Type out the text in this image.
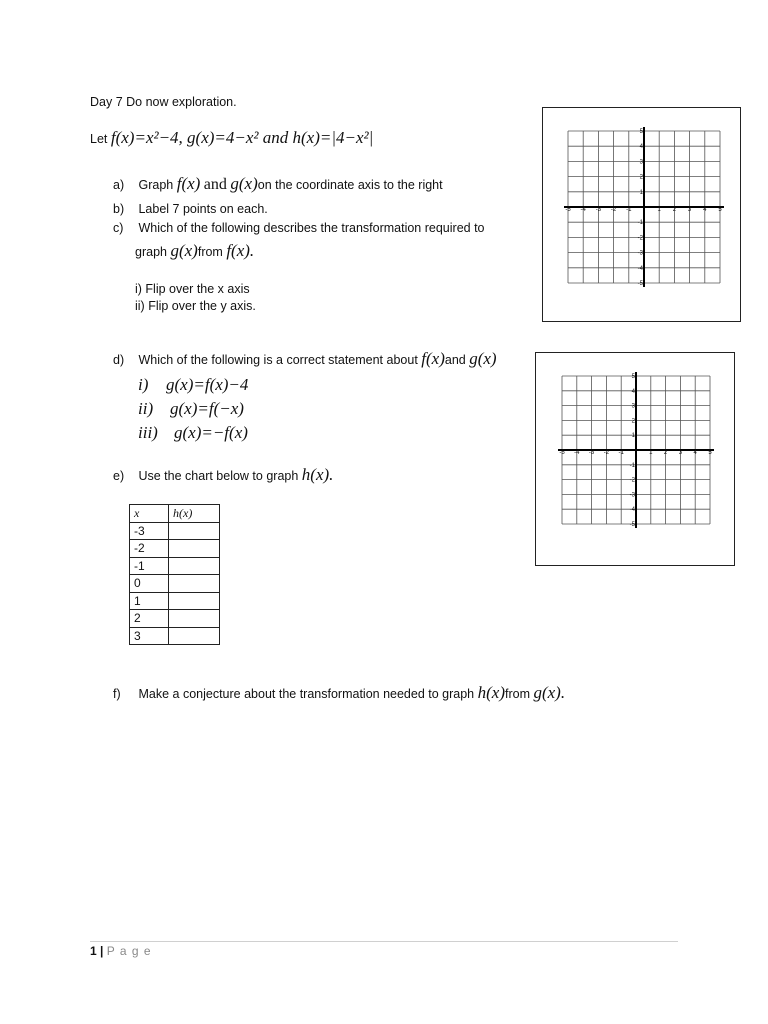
Day 7 Do now exploration.
Let f(x)=x²−4, g(x)=4−x² and h(x)=|4−x²|
a) Graph f(x) and g(x)on the coordinate axis to the right
b) Label 7 points on each.
c) Which of the following describes the transformation required to
graph g(x)from f(x).
i) Flip over the x axis
ii) Flip over the y axis.
-5 -4 -3 -2 -1	1 2 3 4 5
5
4
3
2
1
-1
-2
-3
-4
-5
d) Which of the following is a correct statement about f(x)and g(x)
i) g(x)=f(x)−4
ii) g(x)=f(−x)
iii) g(x)=−f(x)
-5 -4 -3 -2 -1	1 2 3 4 5
5
4
3
2
1
-1
-2
-3
-4
-5
e) Use the chart below to graph h(x).
x	h(x)
-3	
-2	
-1	
0	
1	
2	
3	
f) Make a conjecture about the transformation needed to graph h(x)from g(x).
1 | P a g e
